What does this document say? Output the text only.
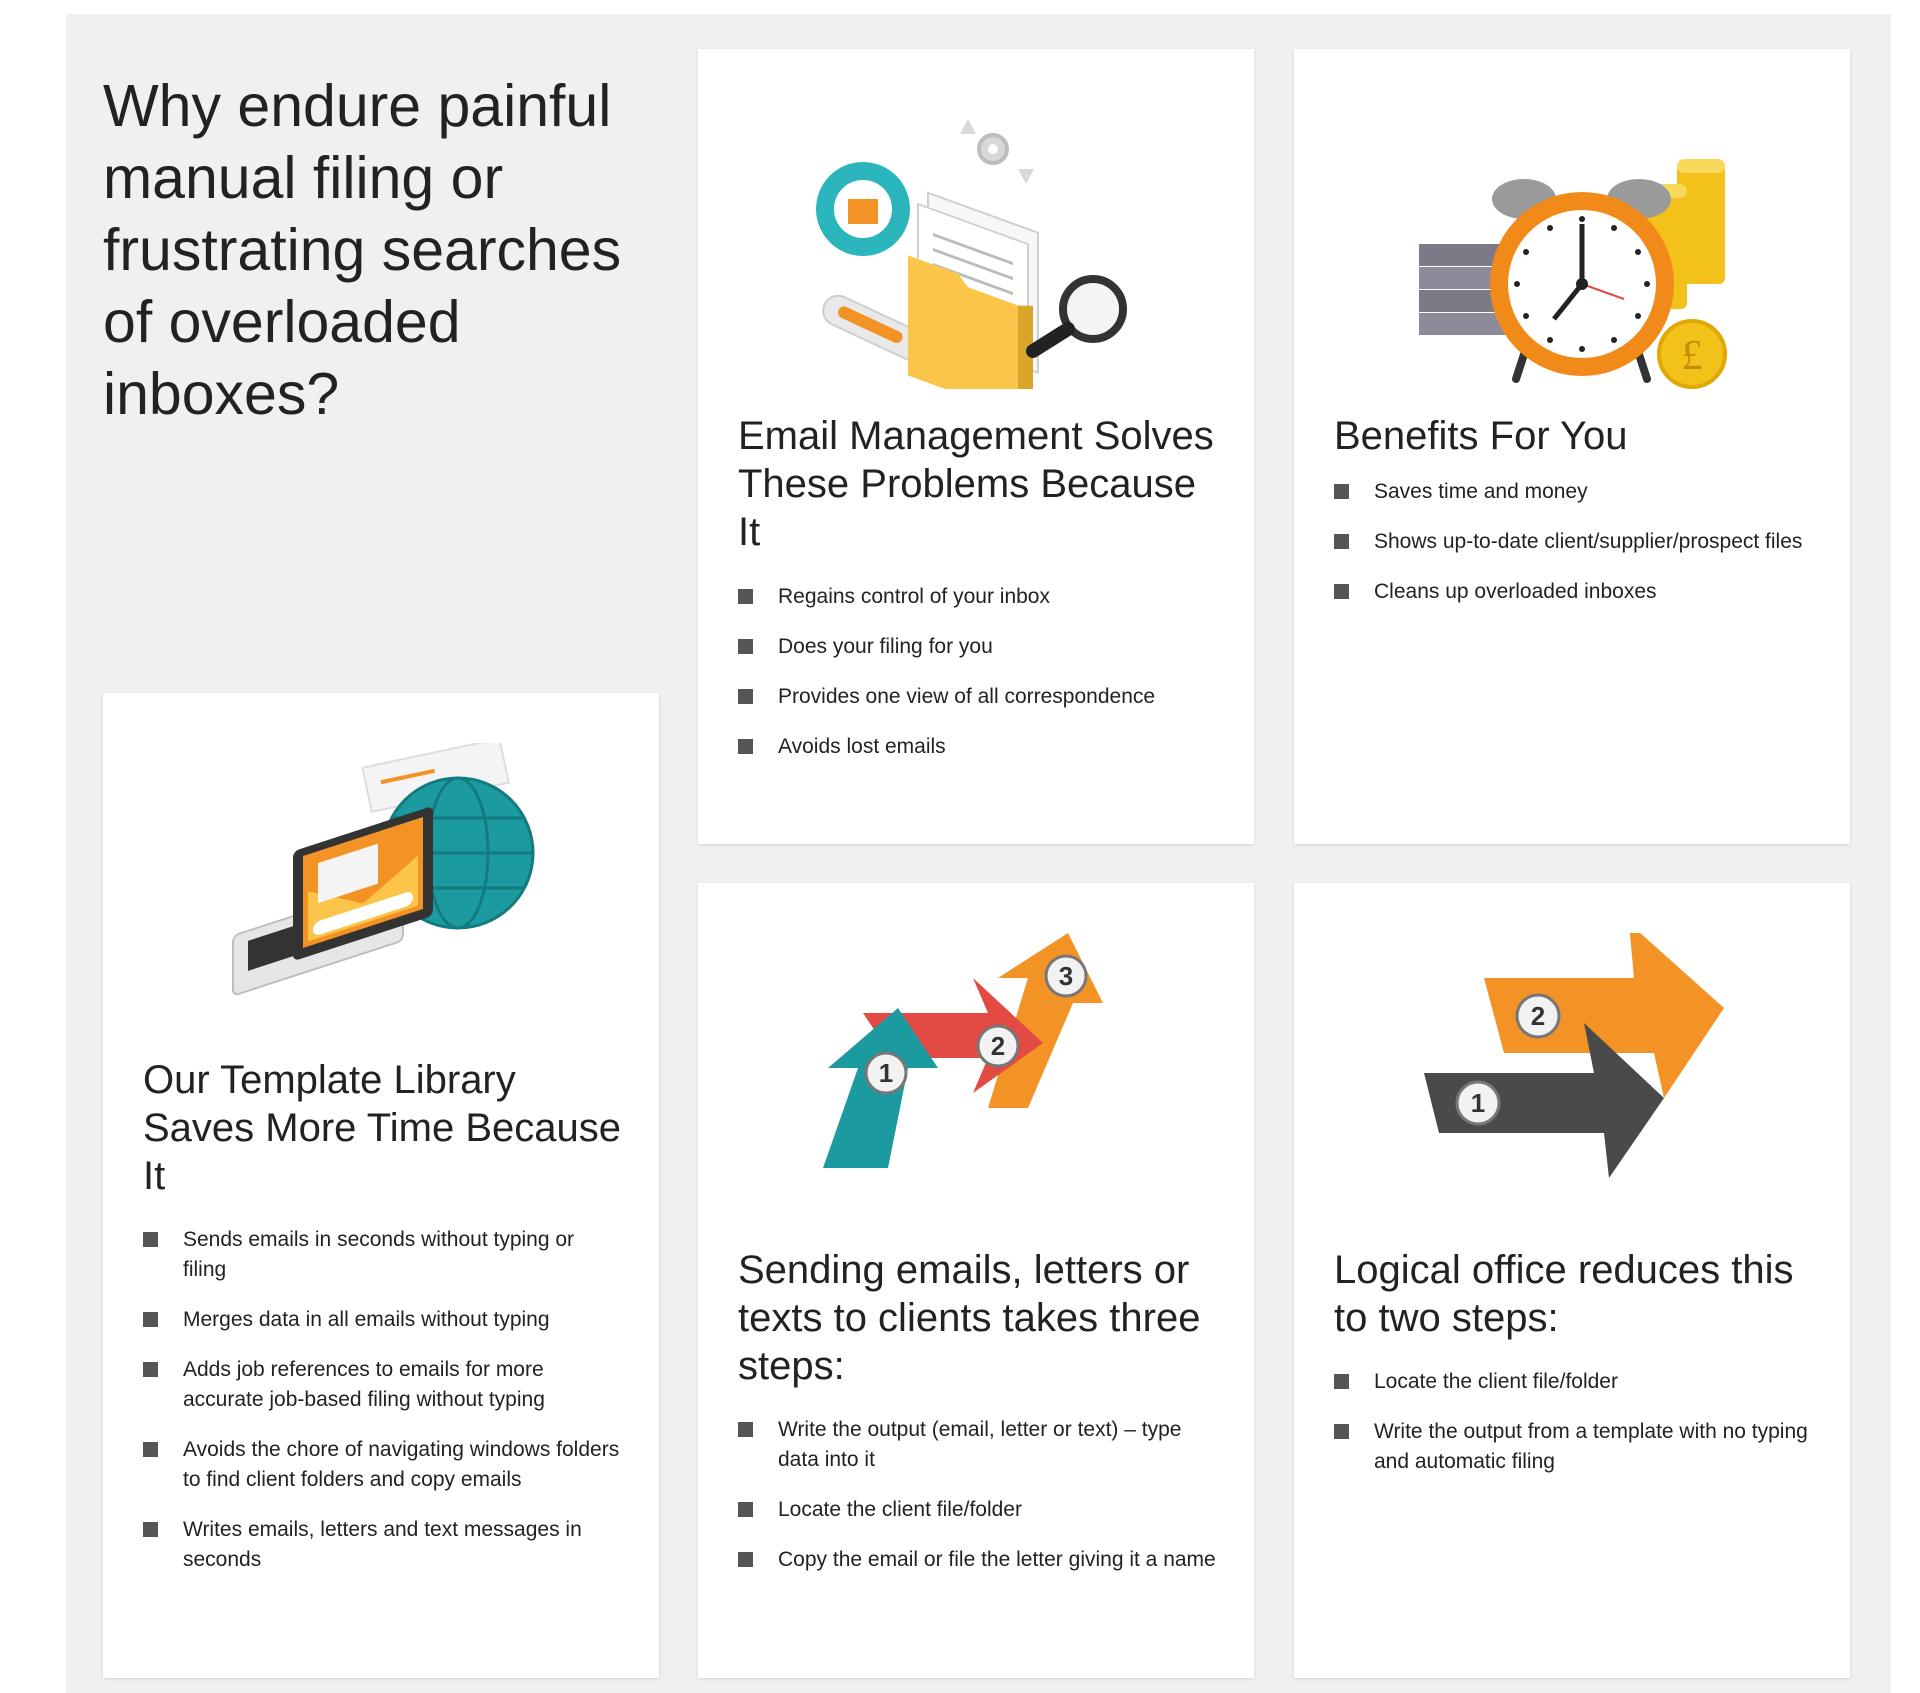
Why endure painful manual filing or frustrating searches of overloaded inboxes?
Email Management Solves These Problems Because It
Regains control of your inbox
Does your filing for you
Provides one view of all correspondence
Avoids lost emails
£
Benefits For You
Saves time and money
Shows up-to-date client/supplier/prospect files
Cleans up overloaded inboxes
Our Template Library Saves More Time Because It
Sends emails in seconds without typing or filing
Merges data in all emails without typing
Adds job references to emails for more accurate job-based filing without typing
Avoids the chore of navigating windows folders to find client folders and copy emails
Writes emails, letters and text messages in seconds
1
2
3
Sending emails, letters or texts to clients takes three steps:
Write the output (email, letter or text) – type data into it
Locate the client file/folder
Copy the email or file the letter giving it a name
2
1
Logical office reduces this to two steps:
Locate the client file/folder
Write the output from a template with no typing and automatic filing
